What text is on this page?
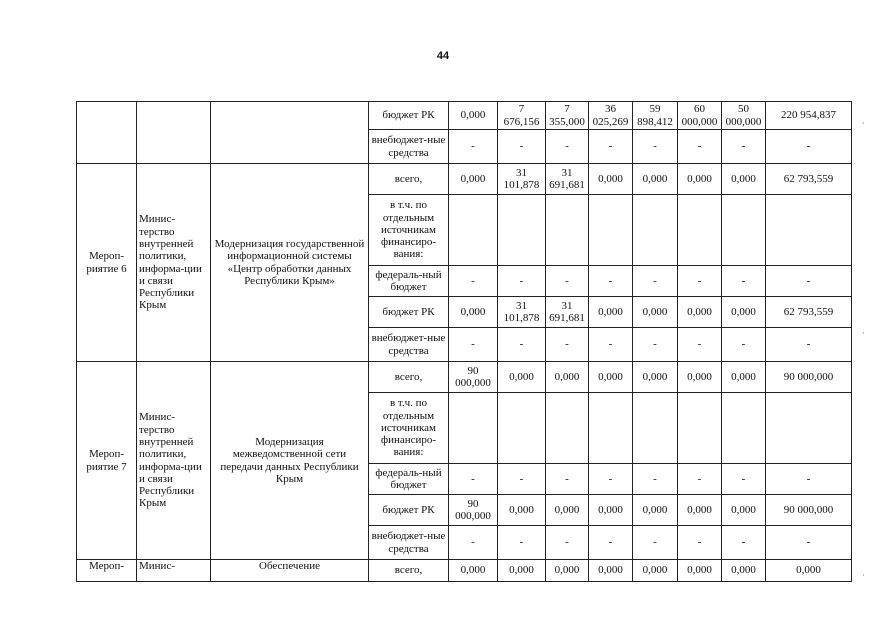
44
			бюджет РК	0,000	7 676,156	7 355,000	36 025,269	59 898,412	60 000,000	50 000,000	220 954,837
			внебюджет-ные средства	-	-	-	-	-	-	-	-
Мероп-риятие 6	Минис-терство внутренней политики, информа-ции и связи Республики Крым	Модернизация государственной информационной системы «Центр обработки данных Республики Крым»	всего,	0,000	31 101,878	31 691,681	0,000	0,000	0,000	0,000	62 793,559
			в т.ч. по отдельным источникам финансиро-вания:								
			федераль-ный бюджет	-	-	-	-	-	-	-	-
			бюджет РК	0,000	31 101,878	31 691,681	0,000	0,000	0,000	0,000	62 793,559
			внебюджет-ные средства	-	-	-	-	-	-	-	-
Мероп-риятие 7	Минис-терство внутренней политики, информа-ции и связи Республики Крым	Модернизация межведомственной сети передачи данных Республики Крым	всего,	90 000,000	0,000	0,000	0,000	0,000	0,000	0,000	90 000,000
			в т.ч. по отдельным источникам финансиро-вания:								
			федераль-ный бюджет	-	-	-	-	-	-	-	-
			бюджет РК	90 000,000	0,000	0,000	0,000	0,000	0,000	0,000	90 000,000
			внебюджет-ные средства	-	-	-	-	-	-	-	-
Мероп-	Минис-	Обеспечение	всего,	0,000	0,000	0,000	0,000	0,000	0,000	0,000	0,000
·
·
·
